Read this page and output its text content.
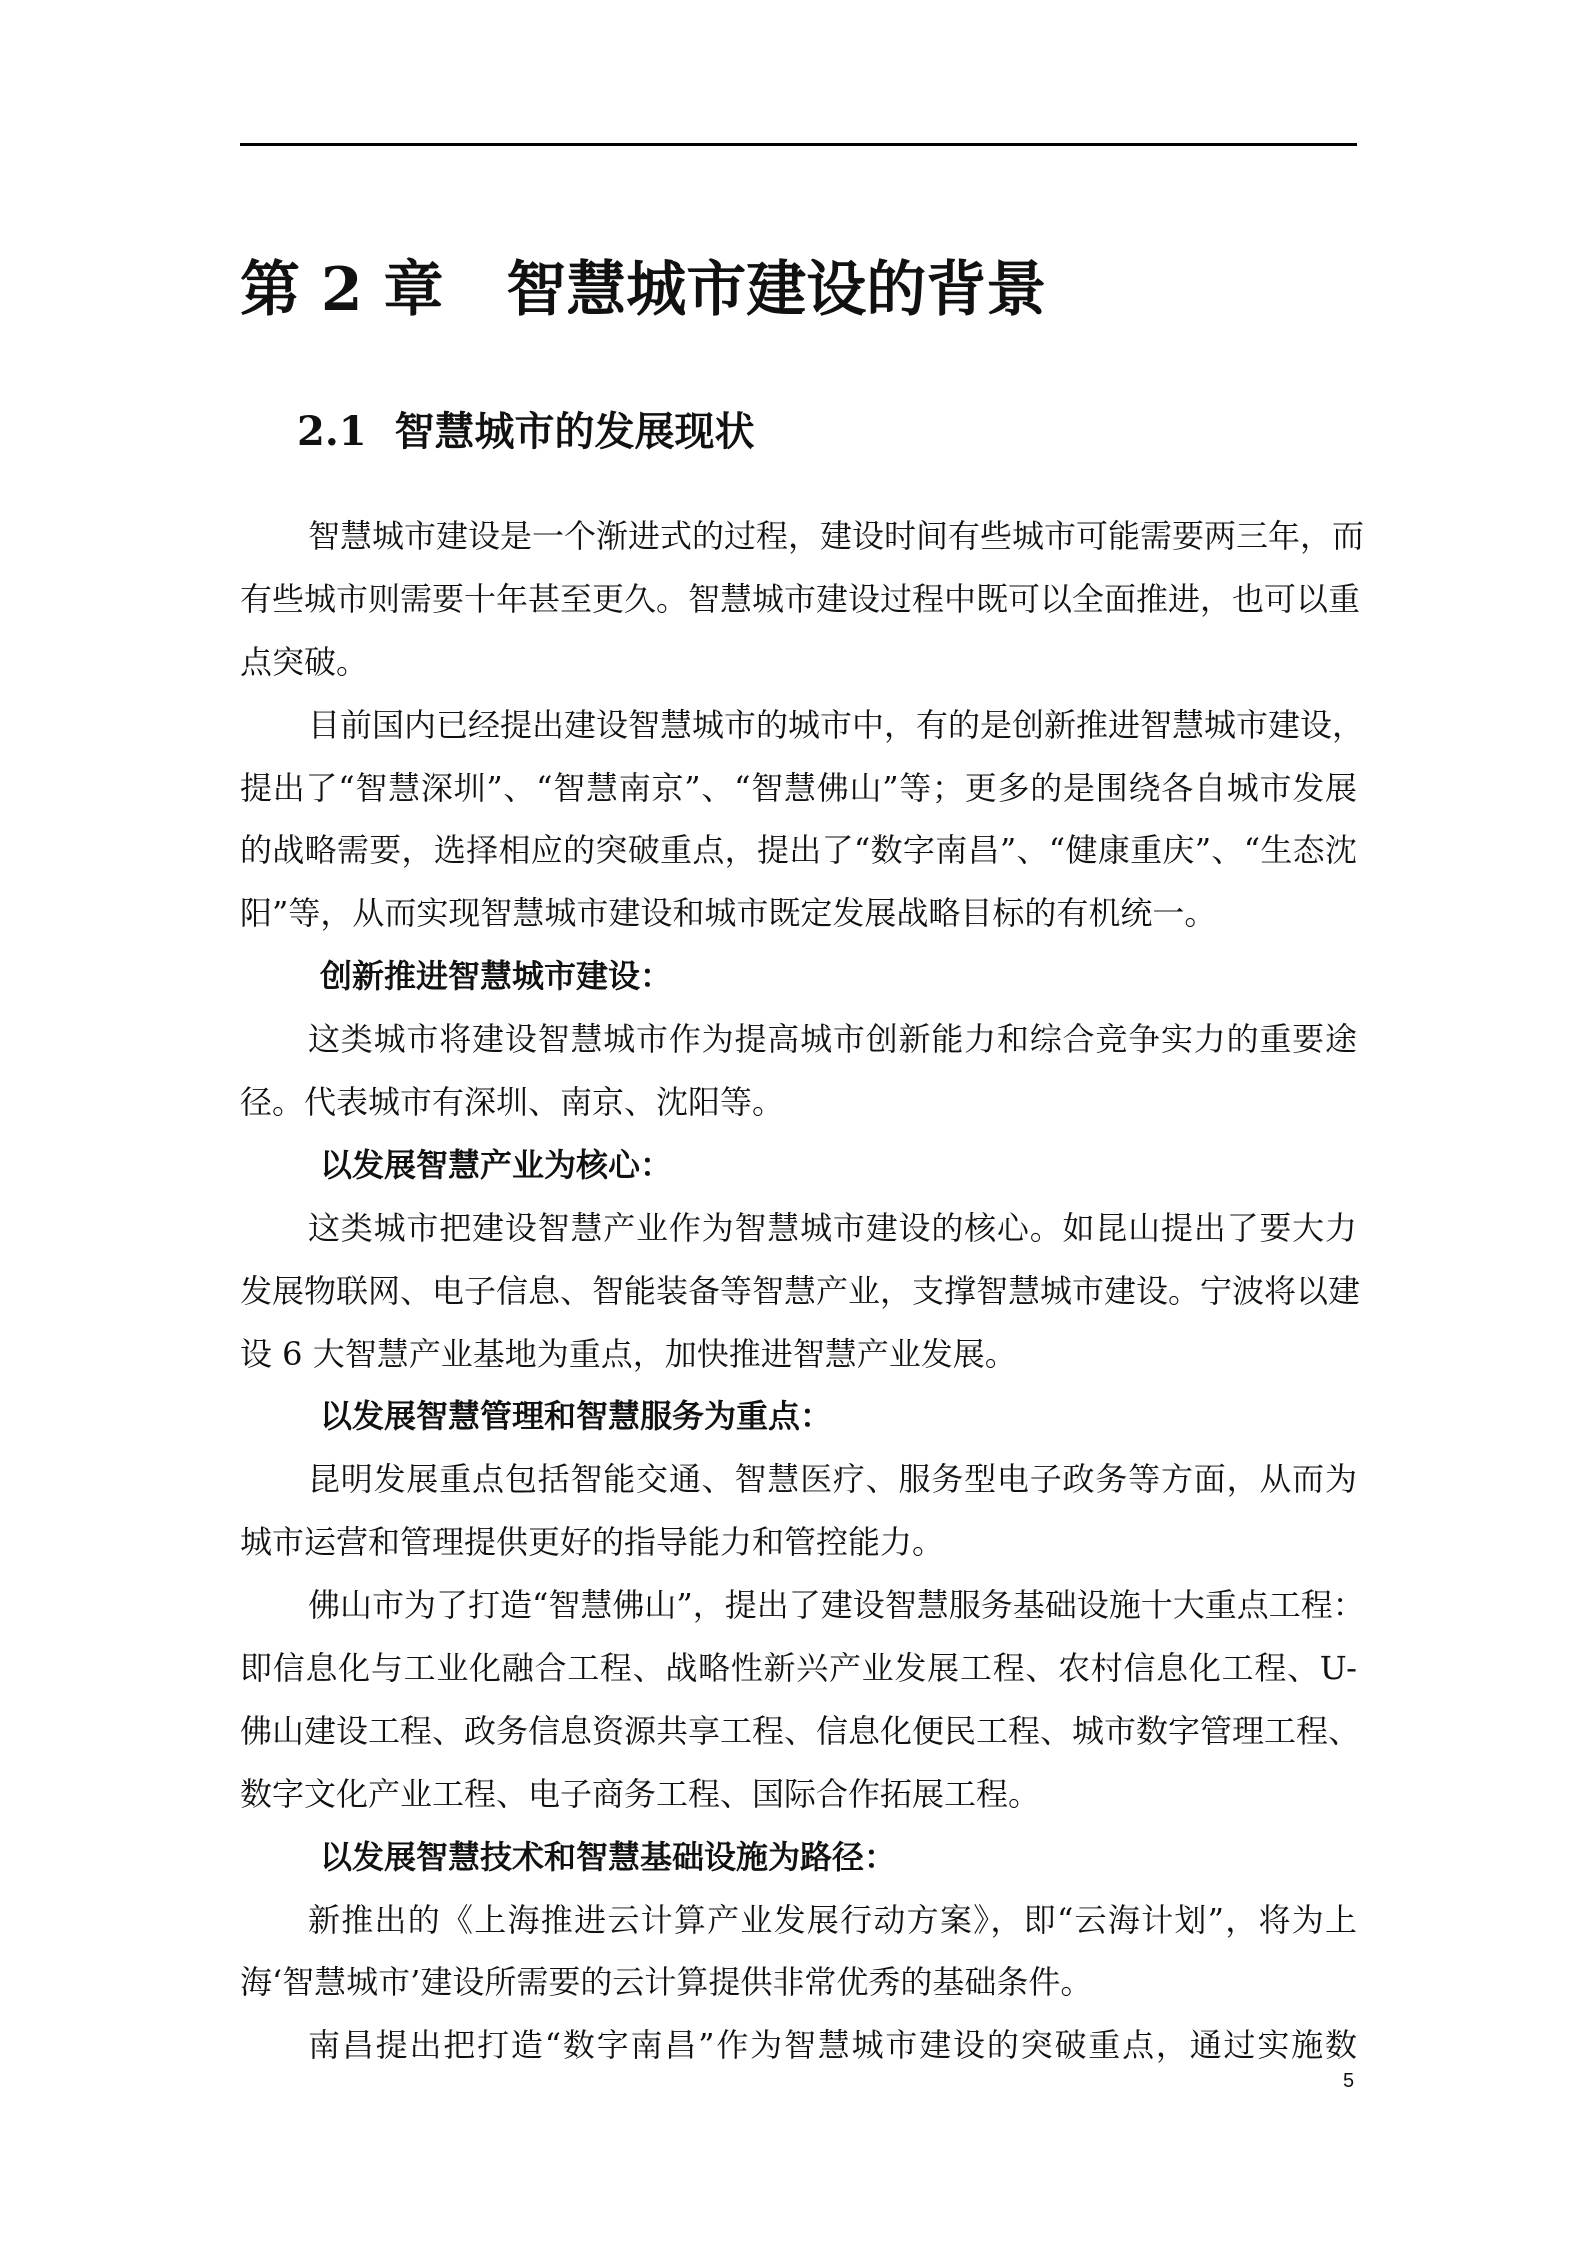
第 2 章   智慧城市建设的背景
2.1  智慧城市的发展现状
智慧城市建设是一个渐进式的过程，建设时间有些城市可能需要两三年，而
有些城市则需要十年甚至更久。智慧城市建设过程中既可以全面推进，也可以重
点突破。
目前国内已经提出建设智慧城市的城市中，有的是创新推进智慧城市建设，
提出了“智慧深圳”、“智慧南京”、“智慧佛山”等；更多的是围绕各自城市发展
的战略需要，选择相应的突破重点，提出了“数字南昌”、“健康重庆”、“生态沈
阳”等，从而实现智慧城市建设和城市既定发展战略目标的有机统一。
创新推进智慧城市建设：
这类城市将建设智慧城市作为提高城市创新能力和综合竞争实力的重要途
径。代表城市有深圳、南京、沈阳等。
以发展智慧产业为核心：
这类城市把建设智慧产业作为智慧城市建设的核心。如昆山提出了要大力
发展物联网、电子信息、智能装备等智慧产业，支撑智慧城市建设。宁波将以建
设 6 大智慧产业基地为重点，加快推进智慧产业发展。
以发展智慧管理和智慧服务为重点：
昆明发展重点包括智能交通、智慧医疗、服务型电子政务等方面，从而为
城市运营和管理提供更好的指导能力和管控能力。
佛山市为了打造“智慧佛山”，提出了建设智慧服务基础设施十大重点工程：
即信息化与工业化融合工程、战略性新兴产业发展工程、农村信息化工程、U-
佛山建设工程、政务信息资源共享工程、信息化便民工程、城市数字管理工程、
数字文化产业工程、电子商务工程、国际合作拓展工程。
以发展智慧技术和智慧基础设施为路径：
新推出的《上海推进云计算产业发展行动方案》，即“云海计划”，将为上
海‘智慧城市’建设所需要的云计算提供非常优秀的基础条件。
南昌提出把打造“数字南昌”作为智慧城市建设的突破重点，通过实施数
5
